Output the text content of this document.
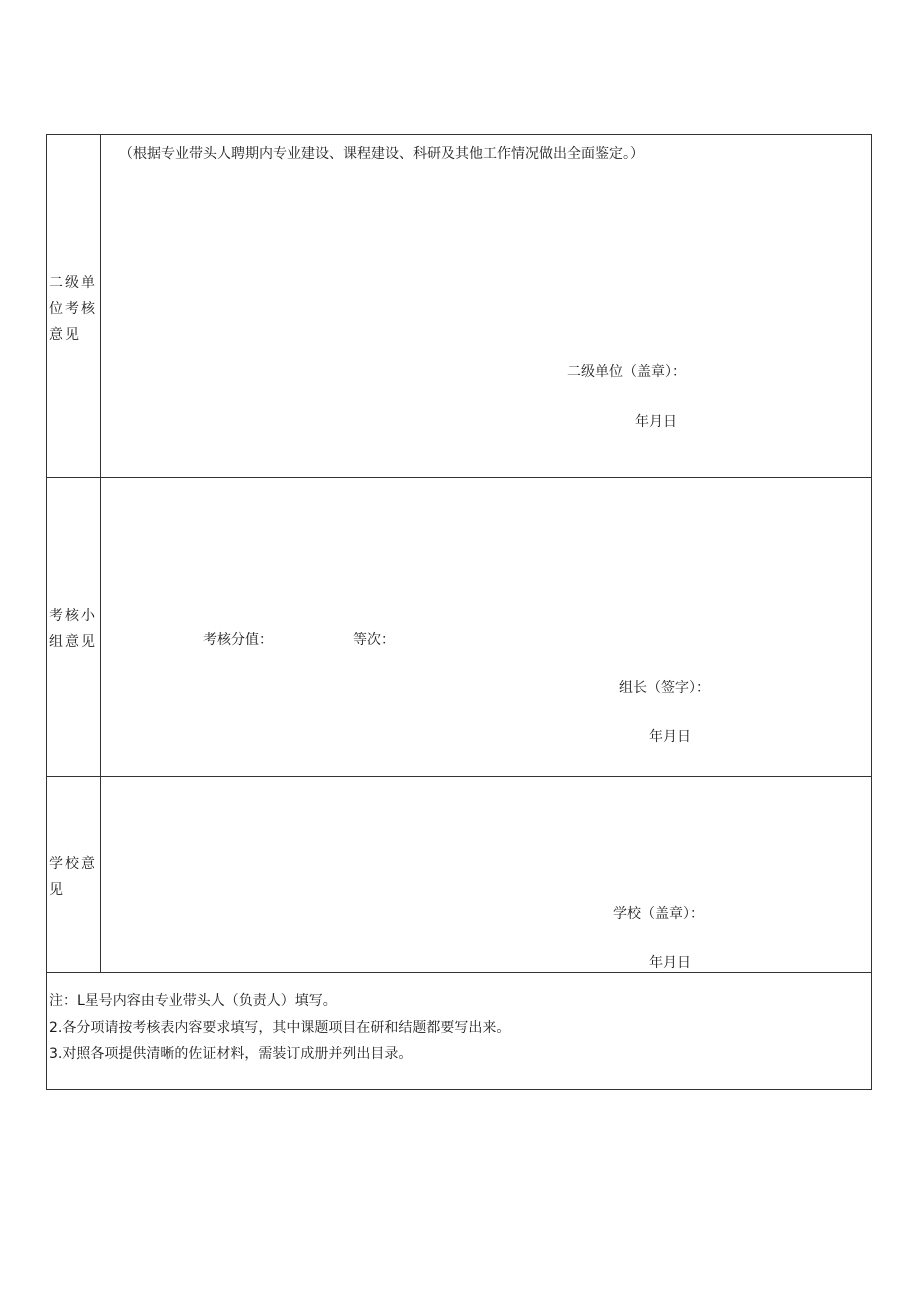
二级单位考核意见
（根据专业带头人聘期内专业建设、课程建设、科研及其他工作情况做出全面鉴定。）
二级单位（盖章）：
年月日
考核小组意见	考核分值：	等次：
组长（签字）：
年月日
学校意见
学校（盖章）：
年月日
注：L星号内容由专业带头人（负责人）填写。
2.各分项请按考核表内容要求填写，其中课题项目在研和结题都要写出来。
3.对照各项提供清晰的佐证材料，需装订成册并列出目录。
